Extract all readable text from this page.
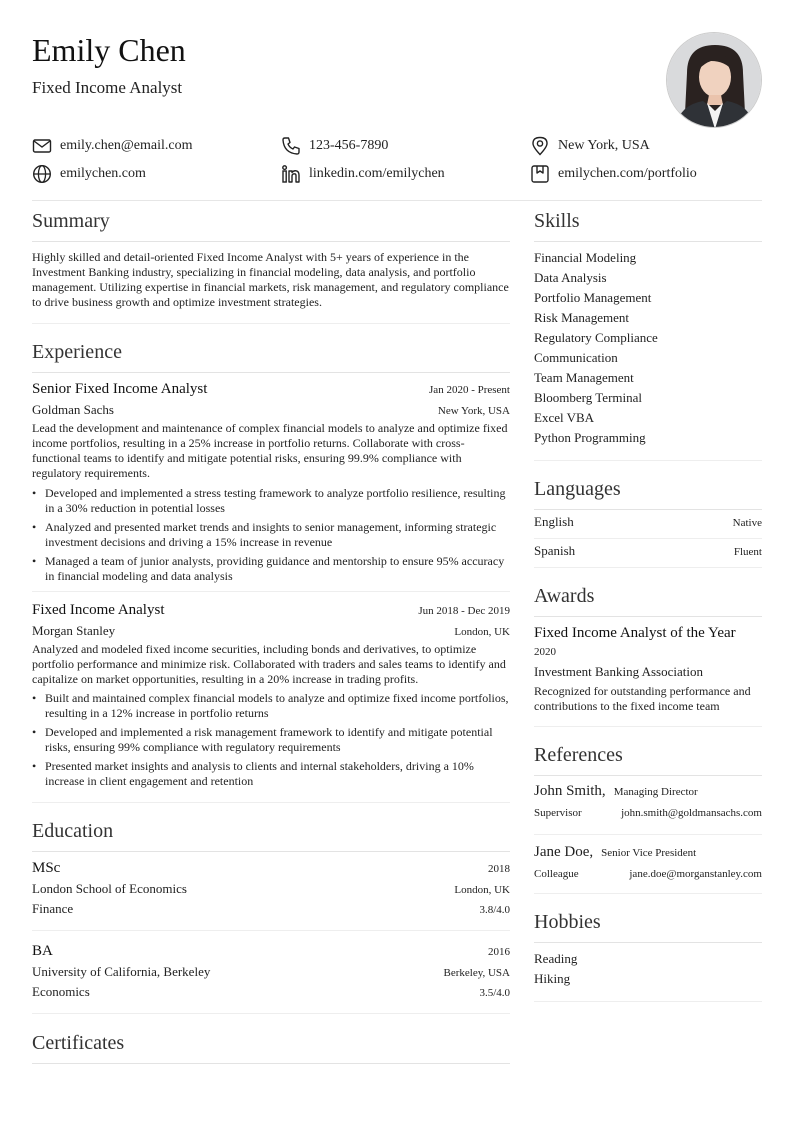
Emily Chen
Fixed Income Analyst
emily.chen@email.com	123-456-7890	New York, USA
emilychen.com	linkedin.com/emilychen	emilychen.com/portfolio
Summary
Highly skilled and detail-oriented Fixed Income Analyst with 5+ years of experience in the Investment Banking industry, specializing in financial modeling, data analysis, and portfolio management. Utilizing expertise in financial markets, risk management, and regulatory compliance to drive business growth and optimize investment strategies.
Experience
Senior Fixed Income Analyst	Jan 2020 - Present
Goldman Sachs	New York, USA
Lead the development and maintenance of complex financial models to analyze and optimize fixed income portfolios, resulting in a 25% increase in portfolio returns. Collaborate with cross-functional teams to identify and mitigate potential risks, ensuring 99.9% compliance with regulatory requirements.
• Developed and implemented a stress testing framework to analyze portfolio resilience, resulting in a 30% reduction in potential losses
• Analyzed and presented market trends and insights to senior management, informing strategic investment decisions and driving a 15% increase in revenue
• Managed a team of junior analysts, providing guidance and mentorship to ensure 95% accuracy in financial modeling and data analysis
Fixed Income Analyst	Jun 2018 - Dec 2019
Morgan Stanley	London, UK
Analyzed and modeled fixed income securities, including bonds and derivatives, to optimize portfolio performance and minimize risk. Collaborated with traders and sales teams to identify and capitalize on market opportunities, resulting in a 20% increase in trading profits.
• Built and maintained complex financial models to analyze and optimize fixed income portfolios, resulting in a 12% increase in portfolio returns
• Developed and implemented a risk management framework to identify and mitigate potential risks, ensuring 99% compliance with regulatory requirements
• Presented market insights and analysis to clients and internal stakeholders, driving a 10% increase in client engagement and retention
Education
MSc	2018
London School of Economics	London, UK
Finance	3.8/4.0
BA	2016
University of California, Berkeley	Berkeley, USA
Economics	3.5/4.0
Certificates
Skills
Financial Modeling
Data Analysis
Portfolio Management
Risk Management
Regulatory Compliance
Communication
Team Management
Bloomberg Terminal
Excel VBA
Python Programming
Languages
English	Native
Spanish	Fluent
Awards
Fixed Income Analyst of the Year
2020
Investment Banking Association
Recognized for outstanding performance and contributions to the fixed income team
References
John Smith, Managing Director
Supervisor	john.smith@goldmansachs.com
Jane Doe, Senior Vice President
Colleague	jane.doe@morganstanley.com
Hobbies
Reading
Hiking
